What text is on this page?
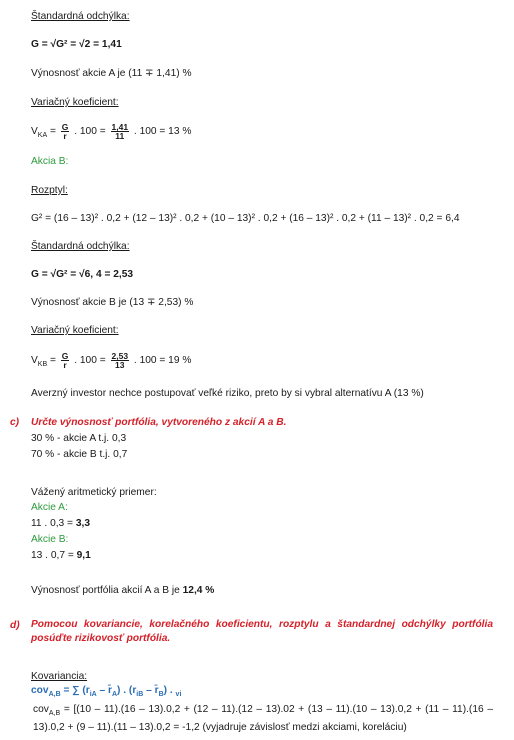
Štandardná odchýlka:
G = √G² = √2 = 1,41
Výnosnosť akcie A je (11 ∓ 1,41) %
Variačný koeficient:
$V_{KA} = \frac{G}{r}$ . $100 = \frac{1,41}{11}$ . 100 = 13 %
Akcia B:
Rozptyl:
G² = (16 – 13)² . 0,2 + (12 – 13)² . 0,2 + (10 – 13)² . 0,2 + (16 – 13)² . 0,2 + (11 – 13)² . 0,2 = 6,4
Štandardná odchýlka:
G = √G² = √6, 4 = 2,53
Výnosnosť akcie B je (13 ∓ 2,53) %
Variačný koeficient:
$V_{KB} = \frac{G}{r}$ . $100 = \frac{2,53}{13}$ . 100 = 19 %
Averzný investor nechce postupovať veľké riziko, preto by si vybral alternatívu A (13 %)
c) Určte výnosnosť portfólia, vytvoreného z akcií A a B.
30 % - akcie A t.j. 0,3
70 % - akcie B t.j. 0,7
Vážený aritmetický priemer:
Akcie A:
11 . 0,3 = 3,3
Akcie B:
13 . 0,7 = 9,1
Výnosnosť portfólia akcií A a B je 12,4 %
d) Pomocou kovariancie, korelačného koeficientu, rozptylu a štandardnej odchýlky portfólia posúďte rizikovosť portfólia.
Kovariancia:
cov$_{A,B}$ = ∑ ($r_{iA}$ – $r̄_A$) . ($r_{iB}$ – $r̄_B$) . $_{vi}$
cov$_{A,B}$ = [(10 – 11).(16 – 13).0,2 + (12 – 11).(12 – 13).02 + (13 – 11).(10 – 13).0,2 + (11 – 11).(16 – 13).0,2 + (9 – 11).(11 – 13).0,2 = -1,2 (vyjadruje závislosť medzi akciami, koreláciu)
